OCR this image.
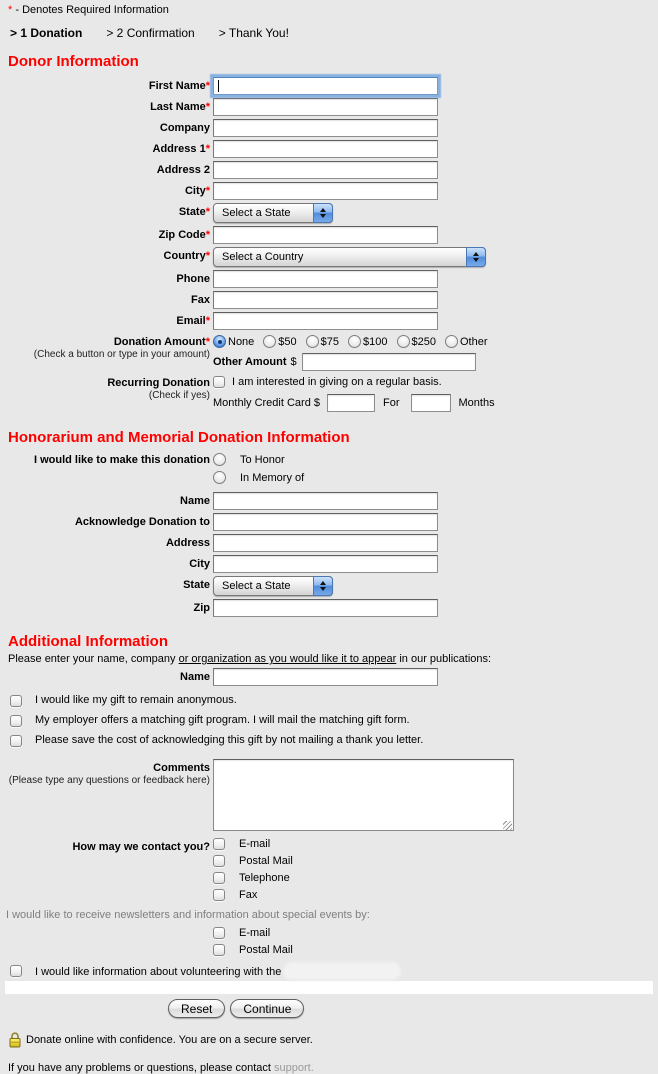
* - Denotes Required Information
> 1 Donation > 2 Confirmation > Thank You!
Donor Information
First Name*
Last Name*
Company
Address 1*
Address 2
City*
State* Select a State
Zip Code*
Country* Select a Country
Phone
Fax
Email*
Donation Amount*
(Check a button or type in your amount)
None $50 $75 $100 $250 Other
Other Amount $
Recurring Donation
(Check if yes)
I am interested in giving on a regular basis.
Monthly Credit Card $	For	Months
Honorarium and Memorial Donation Information
I would like to make this donation	To Honor
In Memory of
Name
Acknowledge Donation to
Address
City
State Select a State
Zip
Additional Information
Please enter your name, company or organization as you would like it to appear in our publications:
Name
I would like my gift to remain anonymous.
My employer offers a matching gift program. I will mail the matching gift form.
Please save the cost of acknowledging this gift by not mailing a thank you letter.
Comments
(Please type any questions or feedback here)
How may we contact you?	E-mail
Postal Mail
Telephone
Fax
I would like to receive newsletters and information about special events by:
E-mail
Postal Mail
I would like information about volunteering with the
Reset	Continue
Donate online with confidence. You are on a secure server.
If you have any problems or questions, please contact support.
